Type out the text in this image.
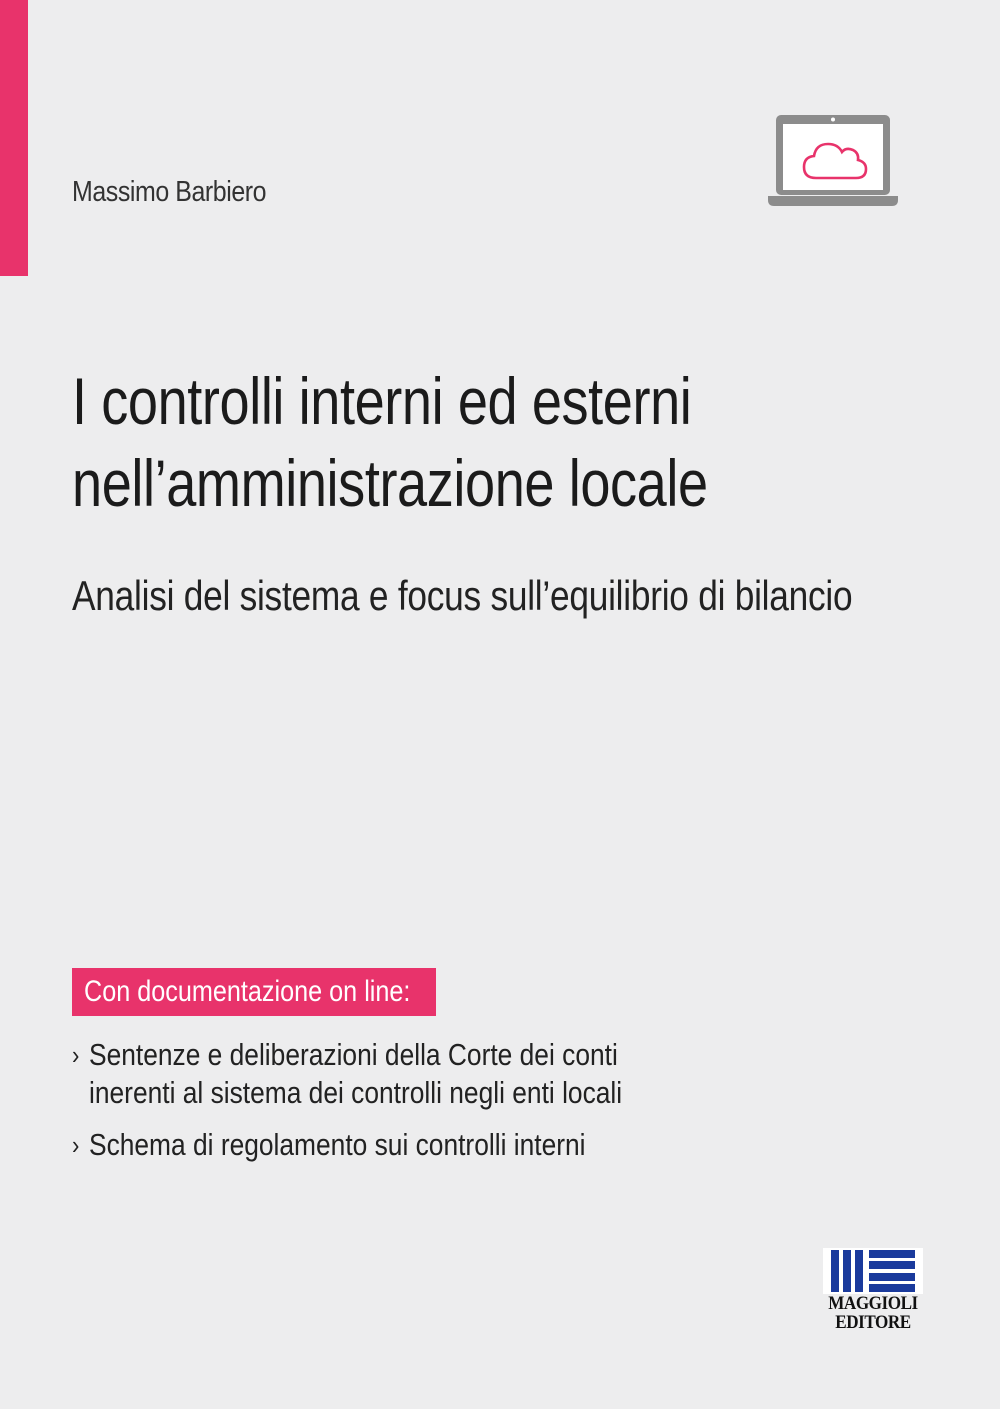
Massimo Barbiero
I controlli interni ed esterni
nell’amministrazione locale
Analisi del sistema e focus sull’equilibrio di bilancio
Con documentazione on line:
› Sentenze e deliberazioni della Corte dei conti
inerenti al sistema dei controlli negli enti locali
› Schema di regolamento sui controlli interni
MAGGIOLI
EDITORE
